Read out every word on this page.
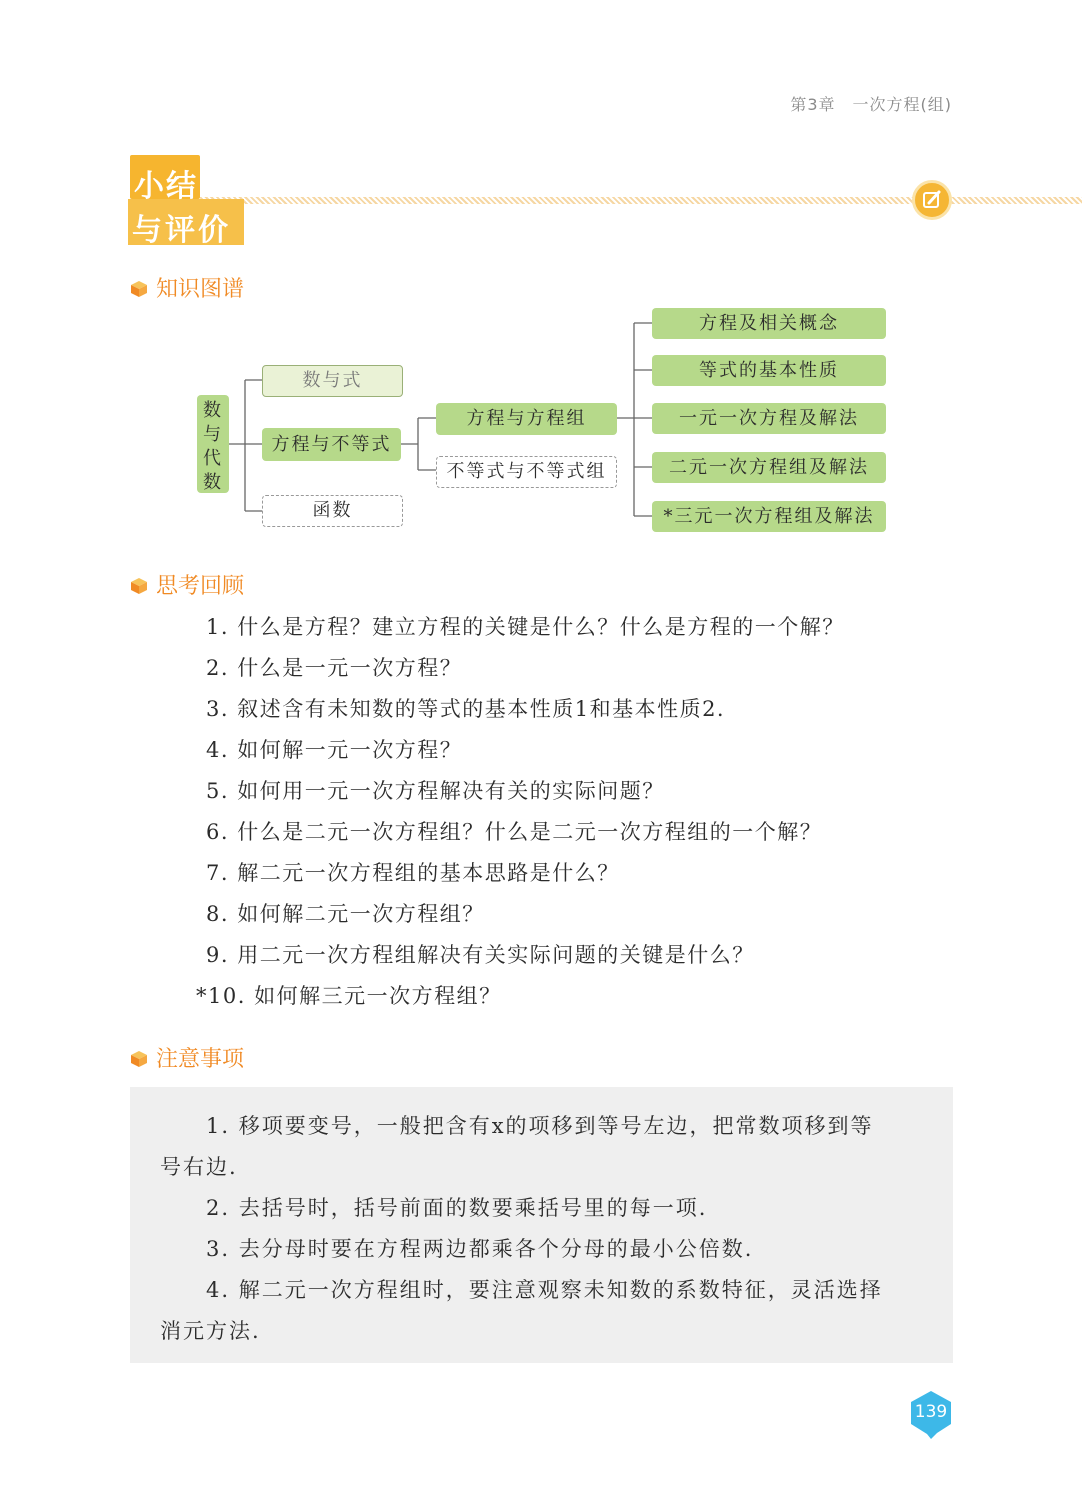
第3章　一次方程(组)
小结
与评价
知识图谱
数与代数
数与式
方程与不等式
函数
方程与方程组
不等式与不等式组
方程及相关概念
等式的基本性质
一元一次方程及解法
二元一次方程组及解法
*三元一次方程组及解法
思考回顾
1. 什么是方程？建立方程的关键是什么？什么是方程的一个解？
2. 什么是一元一次方程？
3. 叙述含有未知数的等式的基本性质1和基本性质2.
4. 如何解一元一次方程？
5. 如何用一元一次方程解决有关的实际问题？
6. 什么是二元一次方程组？什么是二元一次方程组的一个解？
7. 解二元一次方程组的基本思路是什么？
8. 如何解二元一次方程组？
9. 用二元一次方程组解决有关实际问题的关键是什么？
*10. 如何解三元一次方程组？
注意事项
1. 移项要变号，一般把含有x的项移到等号左边，把常数项移到等
号右边.
2. 去括号时，括号前面的数要乘括号里的每一项.
3. 去分母时要在方程两边都乘各个分母的最小公倍数.
4. 解二元一次方程组时，要注意观察未知数的系数特征，灵活选择
消元方法.
139
